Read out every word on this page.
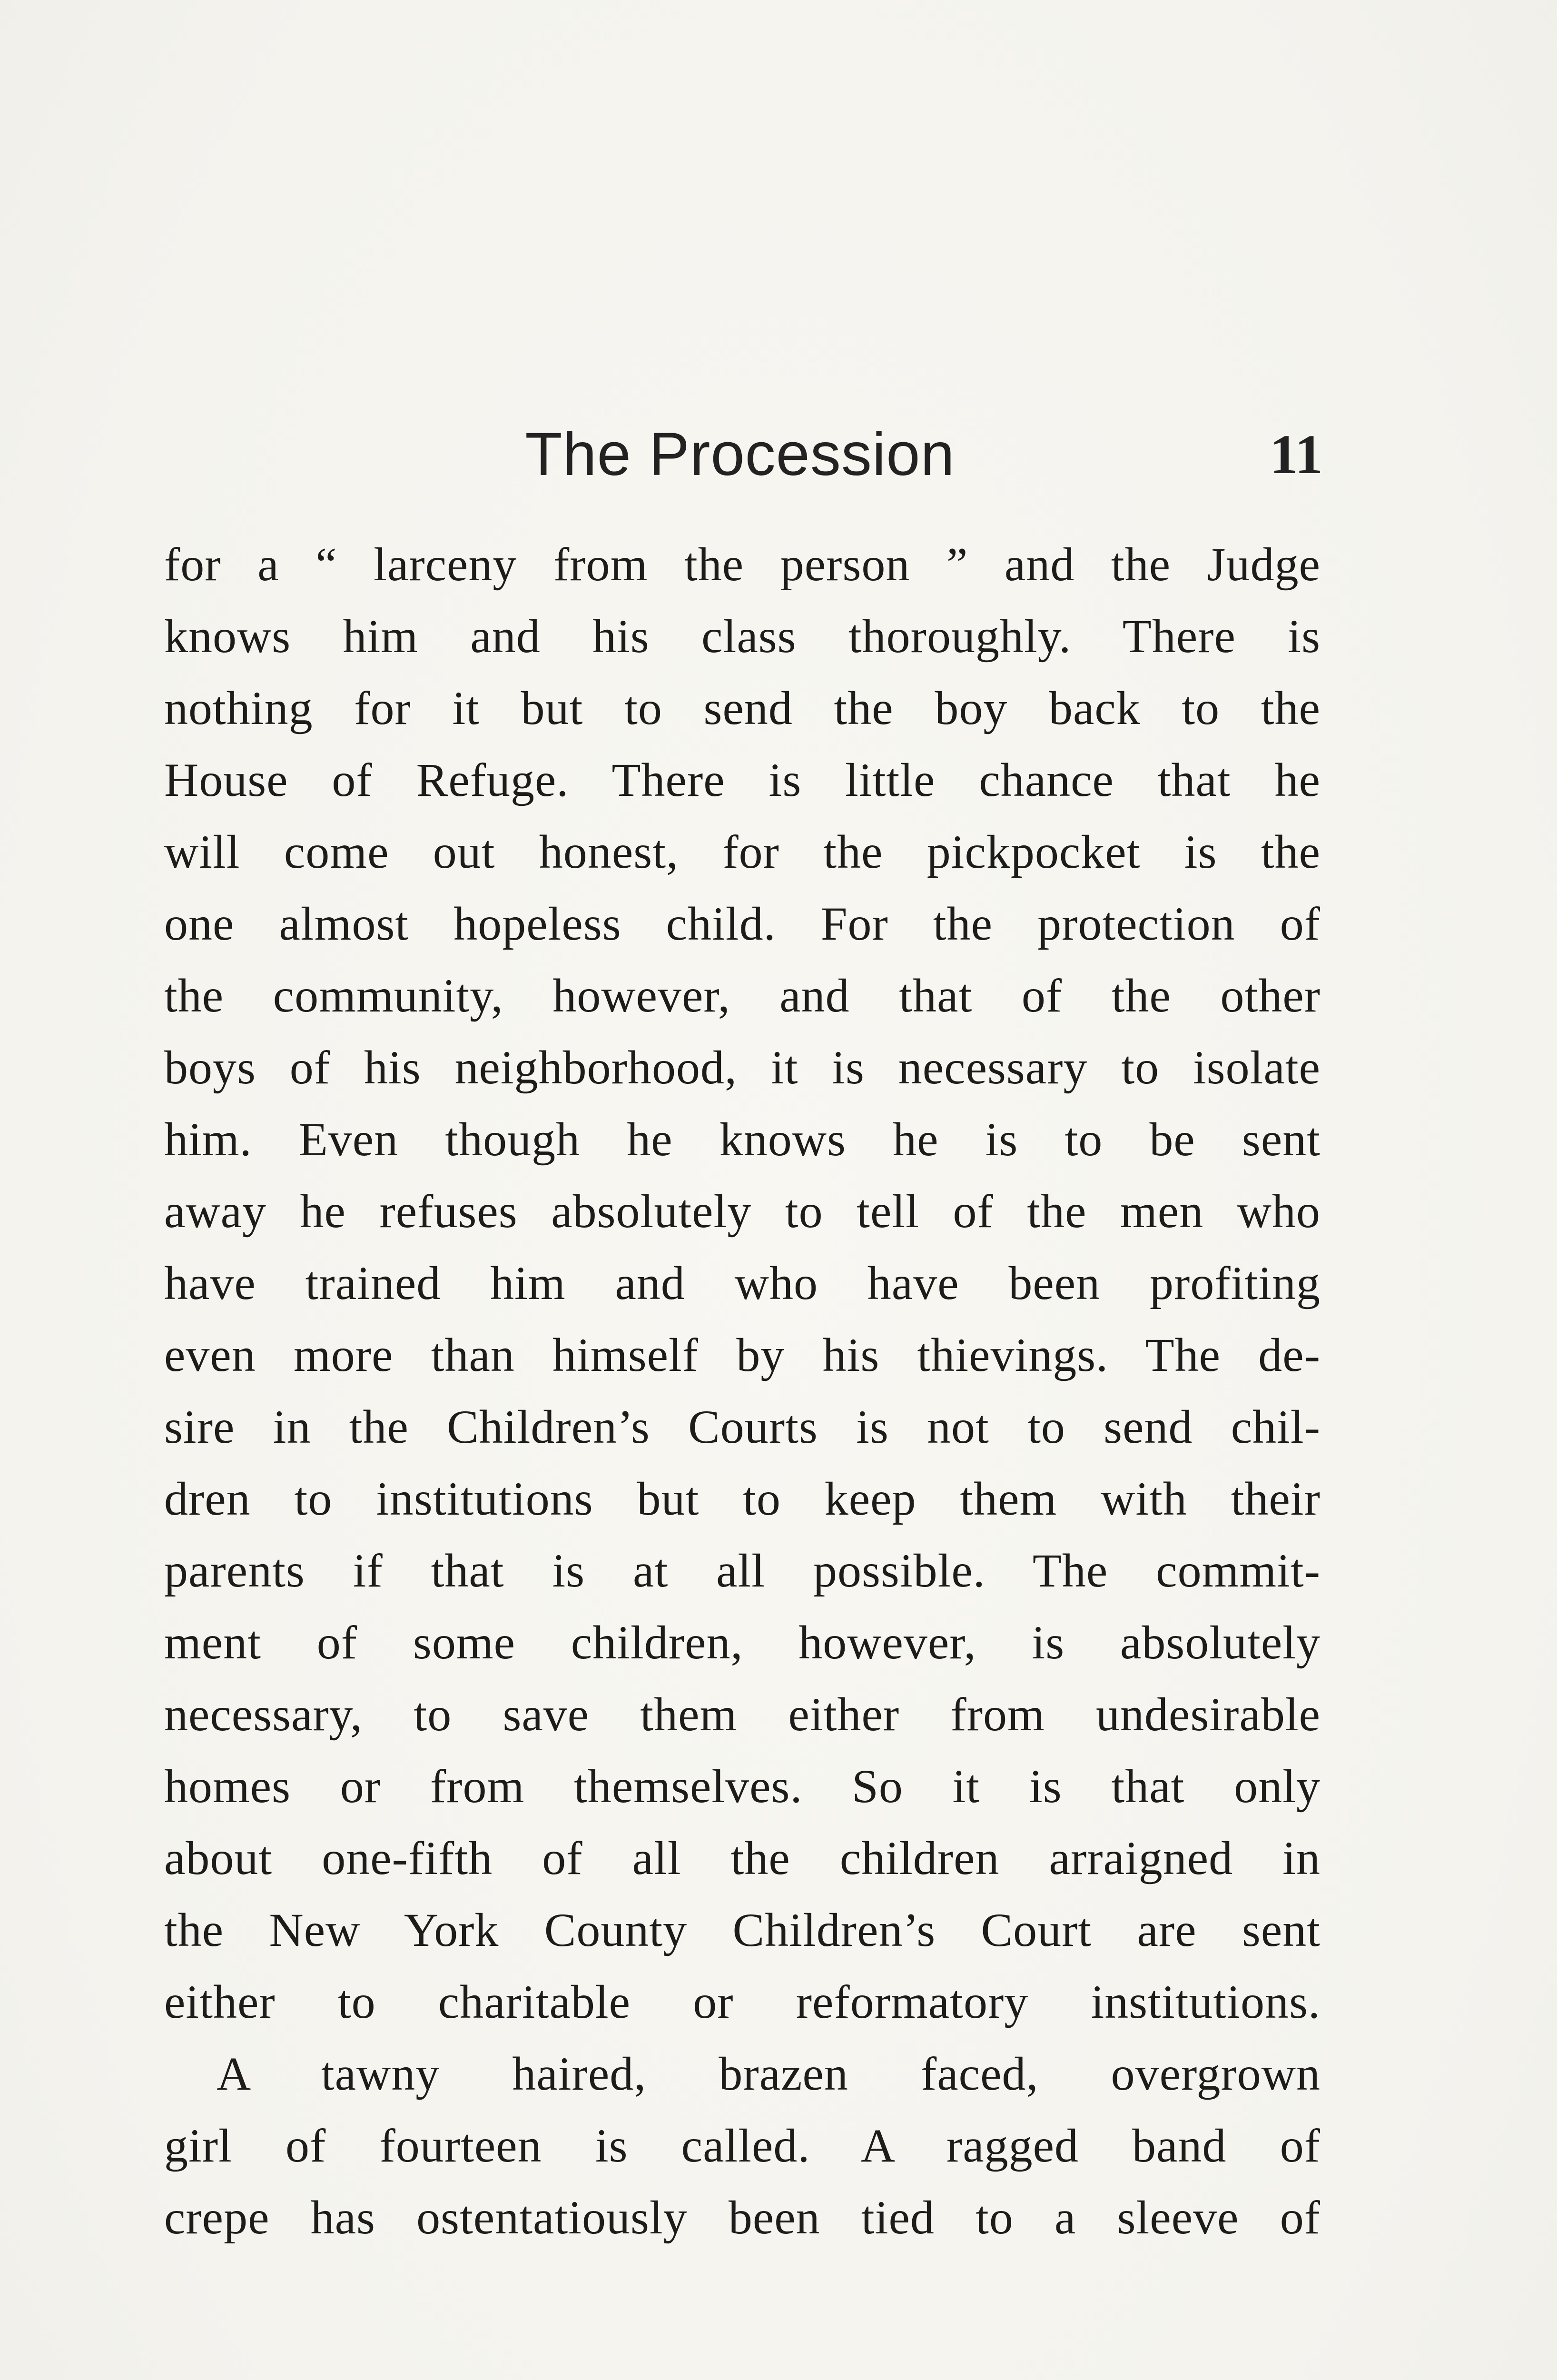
The Procession	11
for a “ larceny from the person ” and the Judge
knows him and his class thoroughly. There is
nothing for it but to send the boy back to the
House of Refuge. There is little chance that he
will come out honest, for the pickpocket is the
one almost hopeless child. For the protection of
the community, however, and that of the other
boys of his neighborhood, it is necessary to isolate
him. Even though he knows he is to be sent
away he refuses absolutely to tell of the men who
have trained him and who have been profiting
even more than himself by his thievings. The de-
sire in the Children’s Courts is not to send chil-
dren to institutions but to keep them with their
parents if that is at all possible. The commit-
ment of some children, however, is absolutely
necessary, to save them either from undesirable
homes or from themselves. So it is that only
about one-fifth of all the children arraigned in
the New York County Children’s Court are sent
either to charitable or reformatory institutions.
A tawny haired, brazen faced, overgrown
girl of fourteen is called. A ragged band of
crepe has ostentatiously been tied to a sleeve of
